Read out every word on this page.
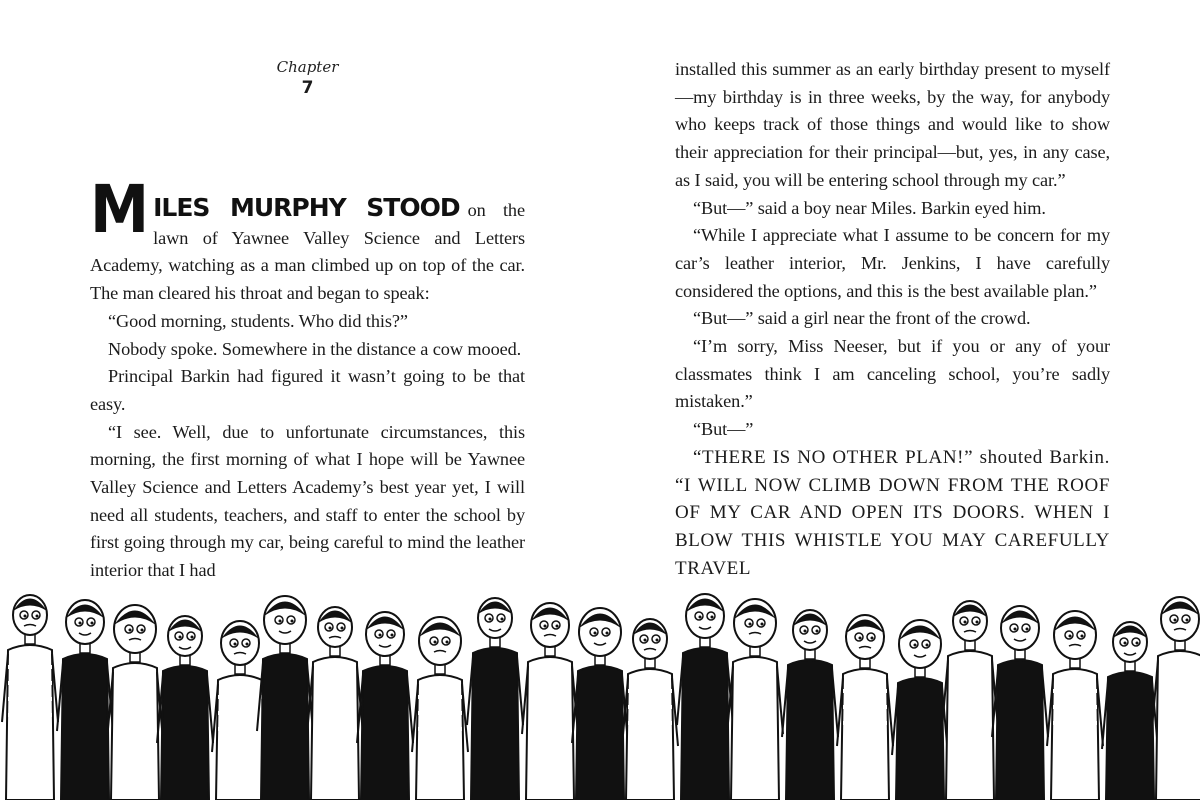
Chapter
7

MILES MURPHY STOOD on the lawn of Yawnee Valley Science and Letters Academy, watching as a man climbed up on top of the car. The man cleared his throat and began to speak:

“Good morning, students. Who did this?”

Nobody spoke. Somewhere in the distance a cow mooed.

Principal Barkin had figured it wasn’t going to be that easy.

“I see. Well, due to unfortunate circumstances, this morning, the first morning of what I hope will be Yawnee Valley Science and Letters Academy’s best year yet, I will need all students, teachers, and staff to enter the school by first going through my car, being careful to mind the leather interior that I had

installed this summer as an early birthday present to myself—my birthday is in three weeks, by the way, for anybody who keeps track of those things and would like to show their appreciation for their principal—but, yes, in any case, as I said, you will be entering school through my car.”

“But—” said a boy near Miles. Barkin eyed him.

“While I appreciate what I assume to be concern for my car’s leather interior, Mr. Jenkins, I have carefully considered the options, and this is the best available plan.”

“But—” said a girl near the front of the crowd.

“I’m sorry, Miss Neeser, but if you or any of your classmates think I am canceling school, you’re sadly mistaken.”

“But—”

“THERE IS NO OTHER PLAN!” shouted Barkin. “I WILL NOW CLIMB DOWN FROM THE ROOF OF MY CAR AND OPEN ITS DOORS. WHEN I BLOW THIS WHISTLE YOU MAY CAREFULLY TRAVEL
